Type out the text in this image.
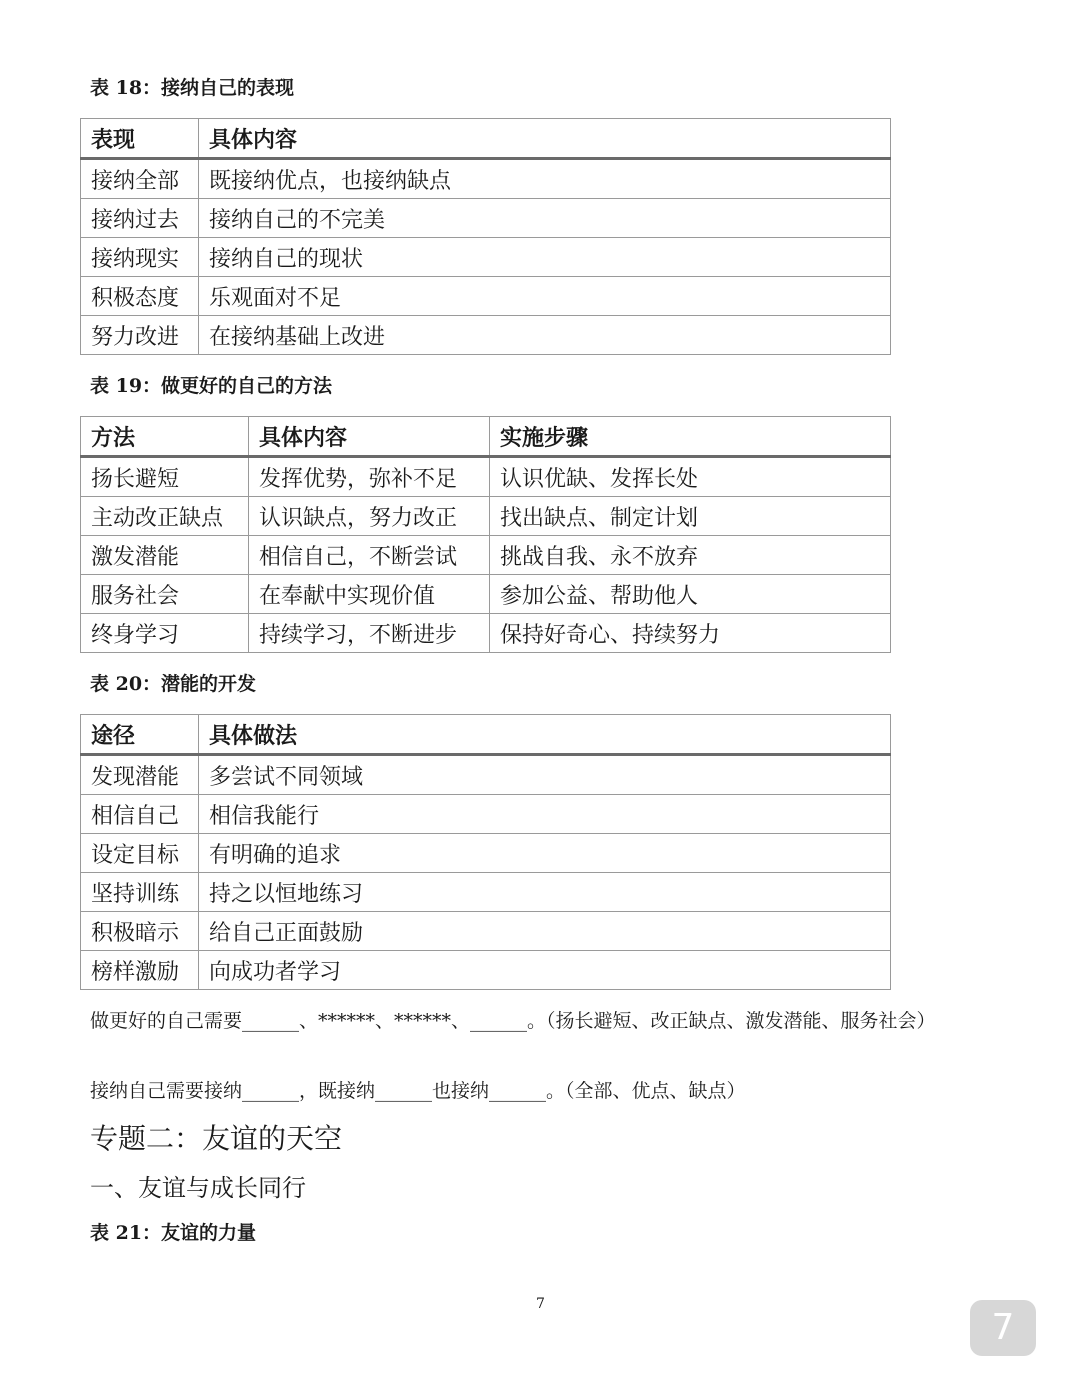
表 18：接纳自己的表现
表现	具体内容
接纳全部	既接纳优点，也接纳缺点
接纳过去	接纳自己的不完美
接纳现实	接纳自己的现状
积极态度	乐观面对不足
努力改进	在接纳基础上改进
表 19：做更好的自己的方法
方法	具体内容	实施步骤
扬长避短	发挥优势，弥补不足	认识优缺、发挥长处
主动改正缺点	认识缺点，努力改正	找出缺点、制定计划
激发潜能	相信自己，不断尝试	挑战自我、永不放弃
服务社会	在奉献中实现价值	参加公益、帮助他人
终身学习	持续学习，不断进步	保持好奇心、持续努力
表 20：潜能的开发
途径	具体做法
发现潜能	多尝试不同领域
相信自己	相信我能行
设定目标	有明确的追求
坚持训练	持之以恒地练习
积极暗示	给自己正面鼓励
榜样激励	向成功者学习
做更好的自己需要______、******、******、______。（扬长避短、改正缺点、激发潜能、服务社会）
接纳自己需要接纳______，既接纳______也接纳______。（全部、优点、缺点）
专题二：友谊的天空
一、友谊与成长同行
表 21：友谊的力量
7
7
